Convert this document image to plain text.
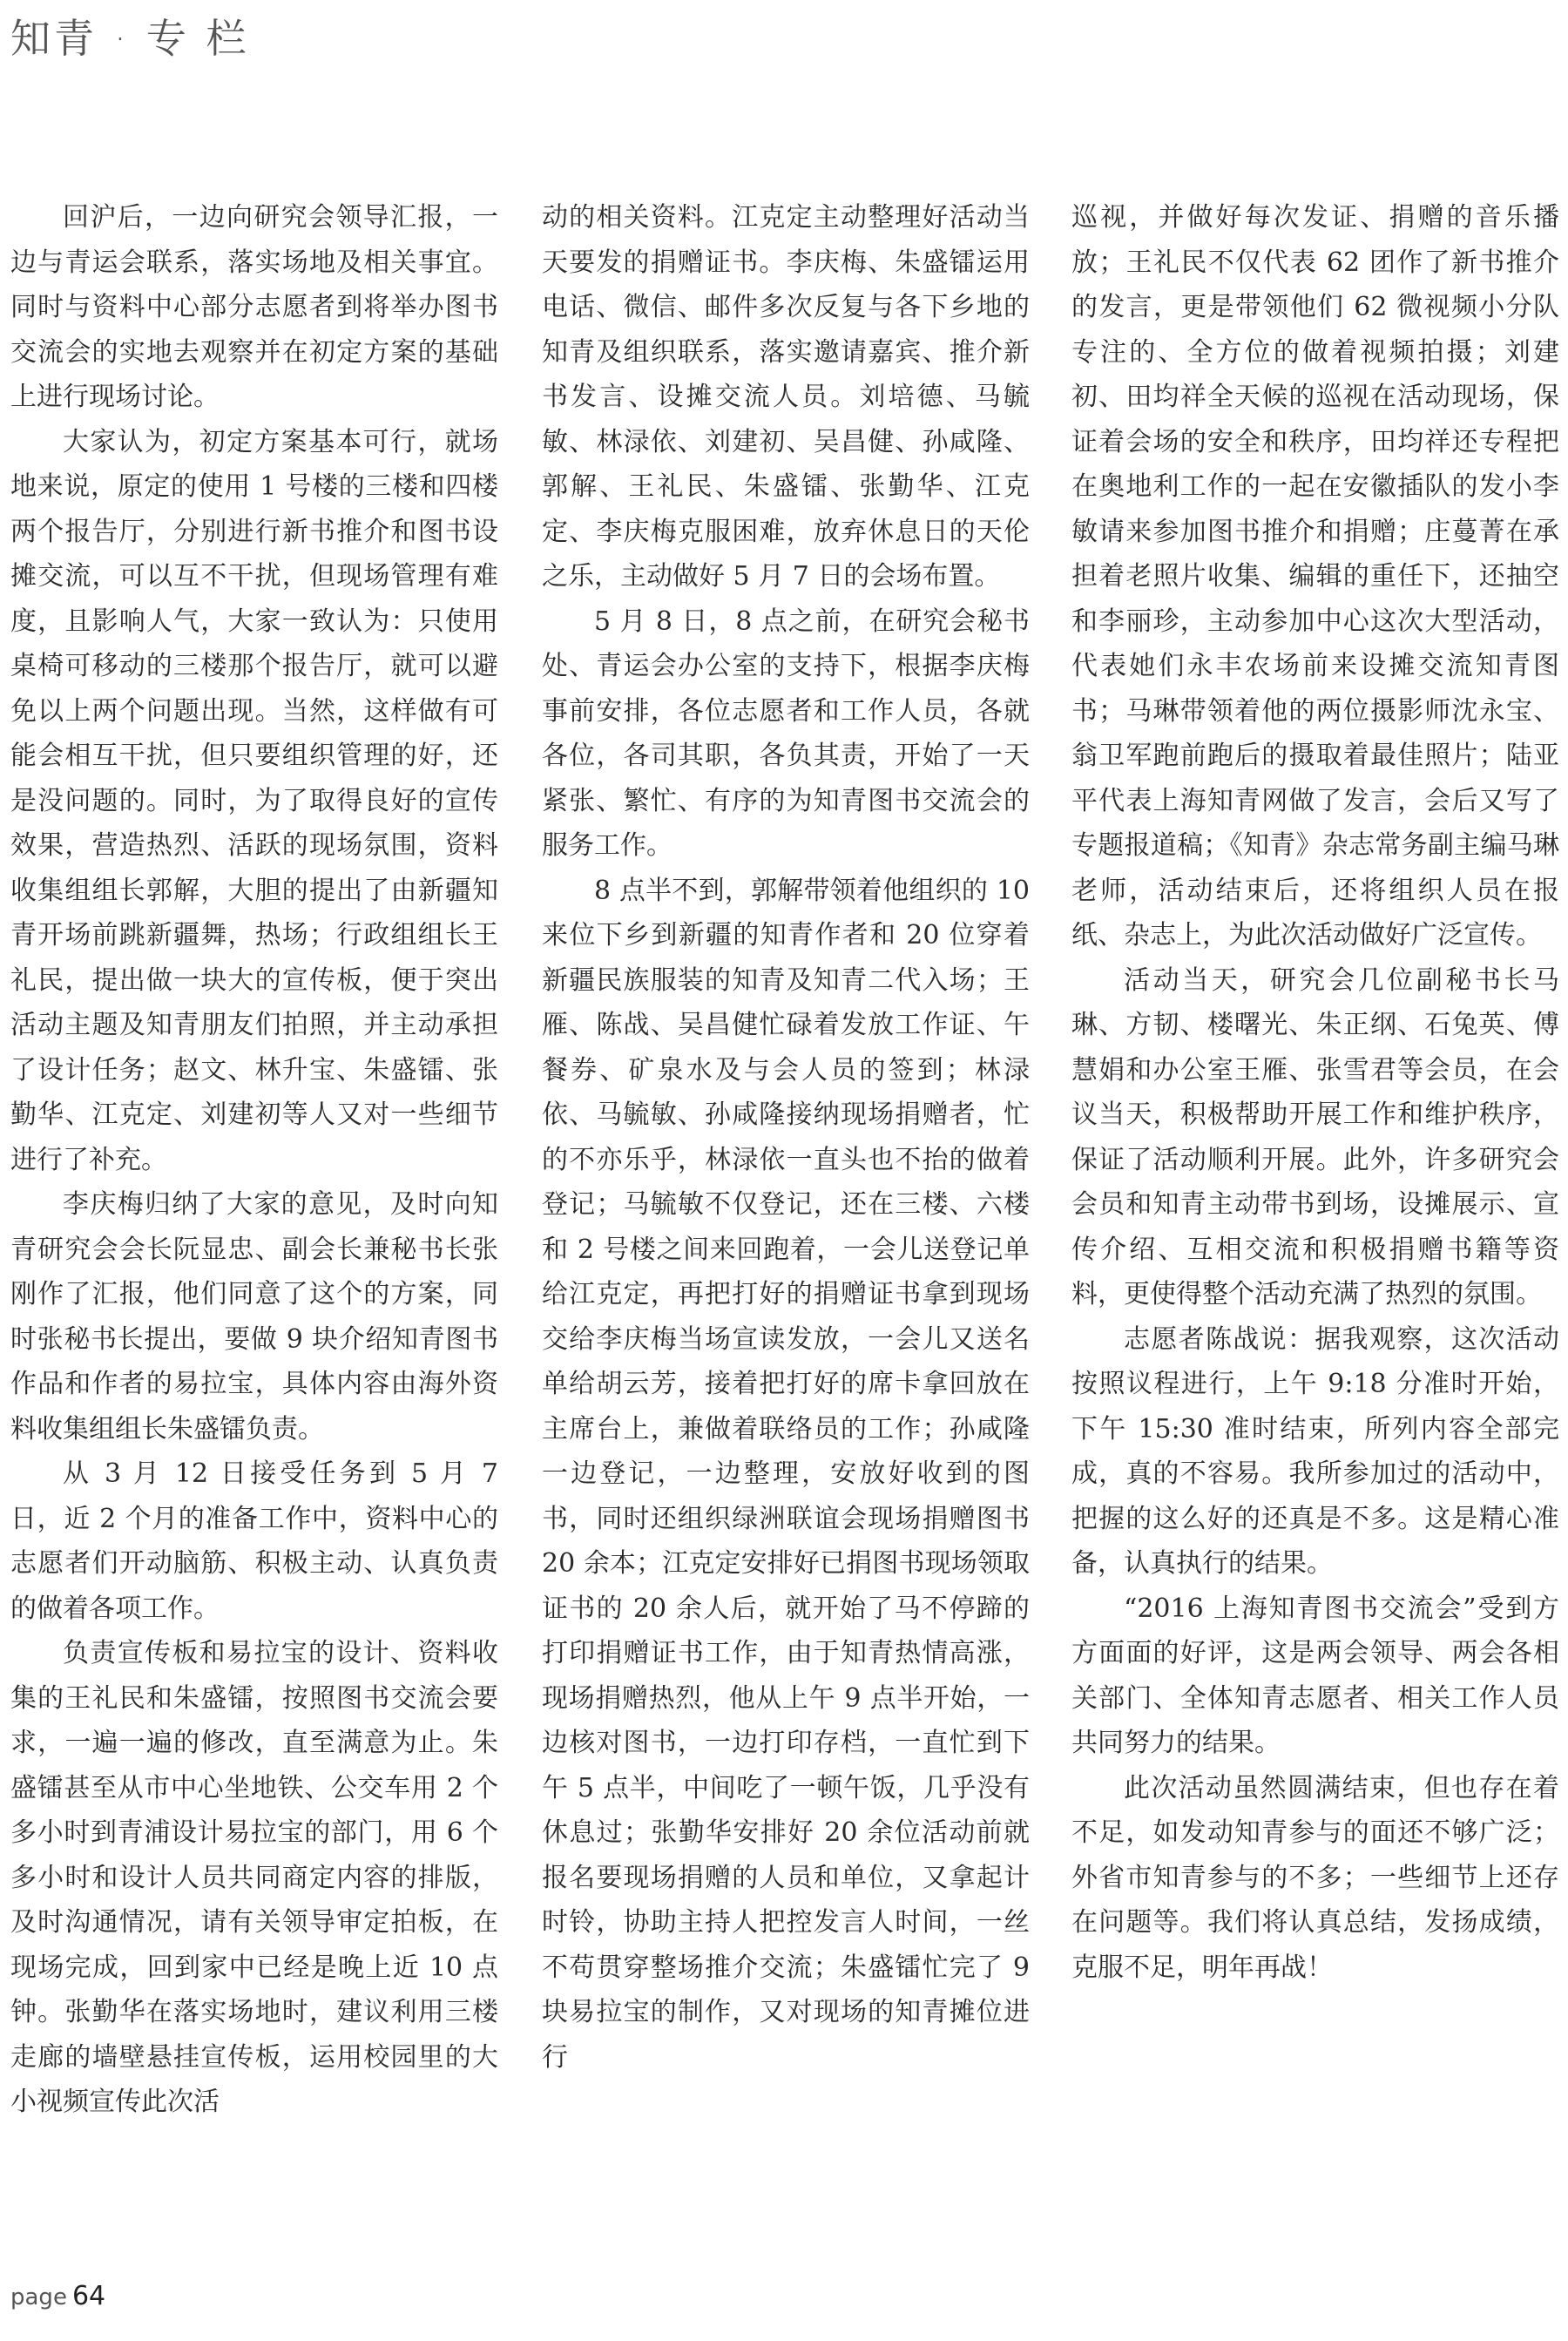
知青 · 专 栏

回沪后，一边向研究会领导汇报，一边与青运会联系，落实场地及相关事宜。同时与资料中心部分志愿者到将举办图书交流会的实地去观察并在初定方案的基础上进行现场讨论。

大家认为，初定方案基本可行，就场地来说，原定的使用 1 号楼的三楼和四楼两个报告厅，分别进行新书推介和图书设摊交流，可以互不干扰，但现场管理有难度，且影响人气，大家一致认为：只使用桌椅可移动的三楼那个报告厅，就可以避免以上两个问题出现。当然，这样做有可能会相互干扰，但只要组织管理的好，还是没问题的。同时，为了取得良好的宣传效果，营造热烈、活跃的现场氛围，资料收集组组长郭解，大胆的提出了由新疆知青开场前跳新疆舞，热场；行政组组长王礼民，提出做一块大的宣传板，便于突出活动主题及知青朋友们拍照，并主动承担了设计任务；赵文、林升宝、朱盛镭、张勤华、江克定、刘建初等人又对一些细节进行了补充。

李庆梅归纳了大家的意见，及时向知青研究会会长阮显忠、副会长兼秘书长张刚作了汇报，他们同意了这个的方案，同时张秘书长提出，要做 9 块介绍知青图书作品和作者的易拉宝，具体内容由海外资料收集组组长朱盛镭负责。

从 3 月 12 日接受任务到 5 月 7 日，近 2 个月的准备工作中，资料中心的志愿者们开动脑筋、积极主动、认真负责的做着各项工作。

负责宣传板和易拉宝的设计、资料收集的王礼民和朱盛镭，按照图书交流会要求，一遍一遍的修改，直至满意为止。朱盛镭甚至从市中心坐地铁、公交车用 2 个多小时到青浦设计易拉宝的部门，用 6 个多小时和设计人员共同商定内容的排版，及时沟通情况，请有关领导审定拍板，在现场完成，回到家中已经是晚上近 10 点钟。张勤华在落实场地时，建议利用三楼走廊的墙壁悬挂宣传板，运用校园里的大小视频宣传此次活

动的相关资料。江克定主动整理好活动当天要发的捐赠证书。李庆梅、朱盛镭运用电话、微信、邮件多次反复与各下乡地的知青及组织联系，落实邀请嘉宾、推介新书发言、设摊交流人员。刘培德、马毓敏、林渌依、刘建初、吴昌健、孙咸隆、郭解、王礼民、朱盛镭、张勤华、江克定、李庆梅克服困难，放弃休息日的天伦之乐，主动做好 5 月 7 日的会场布置。

5 月 8 日，8 点之前，在研究会秘书处、青运会办公室的支持下，根据李庆梅事前安排，各位志愿者和工作人员，各就各位，各司其职，各负其责，开始了一天紧张、繁忙、有序的为知青图书交流会的服务工作。

8 点半不到，郭解带领着他组织的 10 来位下乡到新疆的知青作者和 20 位穿着新疆民族服装的知青及知青二代入场；王雁、陈战、吴昌健忙碌着发放工作证、午餐券、矿泉水及与会人员的签到；林渌依、马毓敏、孙咸隆接纳现场捐赠者，忙的不亦乐乎，林渌依一直头也不抬的做着登记；马毓敏不仅登记，还在三楼、六楼和 2 号楼之间来回跑着，一会儿送登记单给江克定，再把打好的捐赠证书拿到现场交给李庆梅当场宣读发放，一会儿又送名单给胡云芳，接着把打好的席卡拿回放在主席台上，兼做着联络员的工作；孙咸隆一边登记，一边整理，安放好收到的图书，同时还组织绿洲联谊会现场捐赠图书 20 余本；江克定安排好已捐图书现场领取证书的 20 余人后，就开始了马不停蹄的打印捐赠证书工作，由于知青热情高涨，现场捐赠热烈，他从上午 9 点半开始，一边核对图书，一边打印存档，一直忙到下午 5 点半，中间吃了一顿午饭，几乎没有休息过；张勤华安排好 20 余位活动前就报名要现场捐赠的人员和单位，又拿起计时铃，协助主持人把控发言人时间，一丝不苟贯穿整场推介交流；朱盛镭忙完了 9 块易拉宝的制作，又对现场的知青摊位进行

巡视，并做好每次发证、捐赠的音乐播放；王礼民不仅代表 62 团作了新书推介的发言，更是带领他们 62 微视频小分队专注的、全方位的做着视频拍摄；刘建初、田均祥全天候的巡视在活动现场，保证着会场的安全和秩序，田均祥还专程把在奥地利工作的一起在安徽插队的发小李敏请来参加图书推介和捐赠；庄蔓菁在承担着老照片收集、编辑的重任下，还抽空和李丽珍，主动参加中心这次大型活动，代表她们永丰农场前来设摊交流知青图书；马琳带领着他的两位摄影师沈永宝、翁卫军跑前跑后的摄取着最佳照片；陆亚平代表上海知青网做了发言，会后又写了专题报道稿；《知青》杂志常务副主编马琳老师，活动结束后，还将组织人员在报纸、杂志上，为此次活动做好广泛宣传。

活动当天，研究会几位副秘书长马琳、方韧、楼曙光、朱正纲、石兔英、傅慧娟和办公室王雁、张雪君等会员，在会议当天，积极帮助开展工作和维护秩序，保证了活动顺利开展。此外，许多研究会会员和知青主动带书到场，设摊展示、宣传介绍、互相交流和积极捐赠书籍等资料，更使得整个活动充满了热烈的氛围。

志愿者陈战说：据我观察，这次活动按照议程进行，上午 9:18 分准时开始，下午 15:30 准时结束，所列内容全部完成，真的不容易。我所参加过的活动中，把握的这么好的还真是不多。这是精心准备，认真执行的结果。

“2016 上海知青图书交流会”受到方方面面的好评，这是两会领导、两会各相关部门、全体知青志愿者、相关工作人员共同努力的结果。

此次活动虽然圆满结束，但也存在着不足，如发动知青参与的面还不够广泛；外省市知青参与的不多；一些细节上还存在问题等。我们将认真总结，发扬成绩，克服不足，明年再战！

page 64
